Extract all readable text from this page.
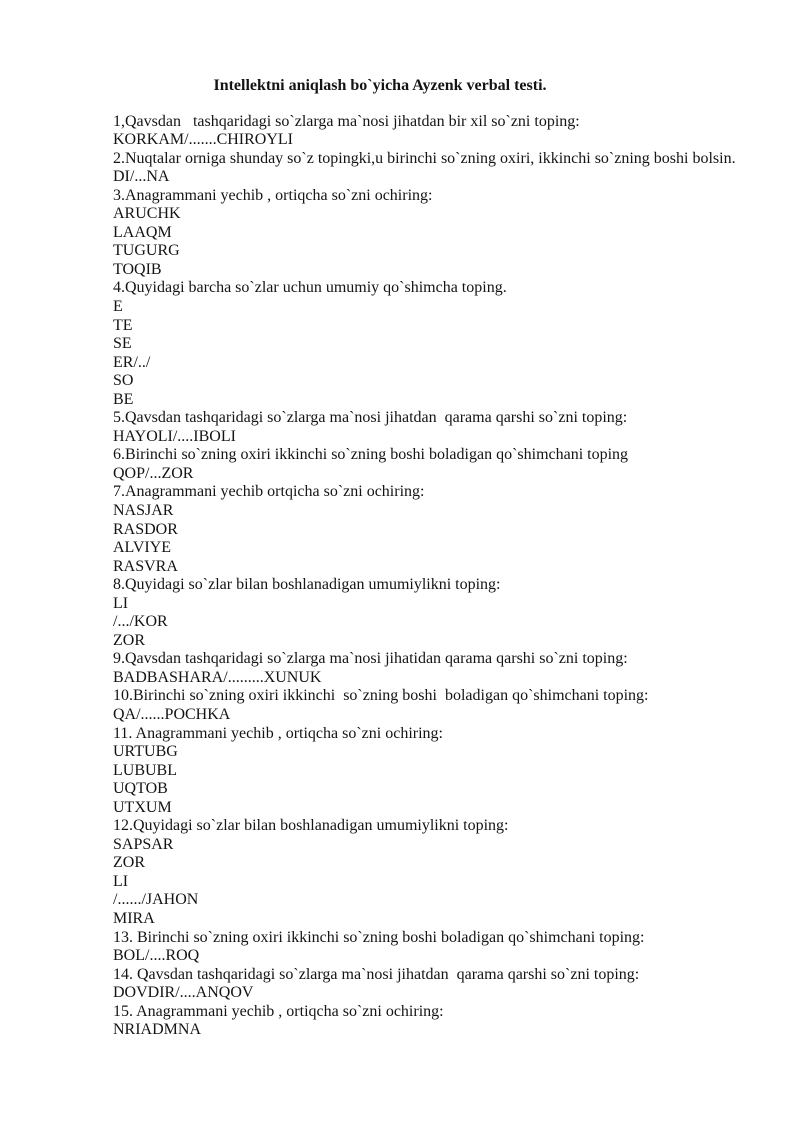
Intellektni aniqlash bo`yicha Ayzenk verbal testi.
1,Qavsdan   tashqaridagi so`zlarga ma`nosi jihatdan bir xil so`zni toping:
KORKAM/.......CHIROYLI
2.Nuqtalar orniga shunday so`z topingki,u birinchi so`zning oxiri, ikkinchi so`zning boshi bolsin.
DI/...NA
3.Anagrammani yechib , ortiqcha so`zni ochiring:
ARUCHK
LAAQM
TUGURG
TOQIB
4.Quyidagi barcha so`zlar uchun umumiy qo`shimcha toping.
E
TE
SE
ER/../
SO
BE
5.Qavsdan tashqaridagi so`zlarga ma`nosi jihatdan  qarama qarshi so`zni toping:
HAYOLI/....IBOLI
6.Birinchi so`zning oxiri ikkinchi so`zning boshi boladigan qo`shimchani toping
QOP/...ZOR
7.Anagrammani yechib ortqicha so`zni ochiring:
NASJAR
RASDOR
ALVIYE
RASVRA
8.Quyidagi so`zlar bilan boshlanadigan umumiylikni toping:
LI
/.../KOR
ZOR
9.Qavsdan tashqaridagi so`zlarga ma`nosi jihatidan qarama qarshi so`zni toping:
BADBASHARA/.........XUNUK
10.Birinchi so`zning oxiri ikkinchi  so`zning boshi  boladigan qo`shimchani toping:
QA/......POCHKA
11. Anagrammani yechib , ortiqcha so`zni ochiring:
URTUBG
LUBUBL
UQTOB
UTXUM
12.Quyidagi so`zlar bilan boshlanadigan umumiylikni toping:
SAPSAR
ZOR
LI
/....../JAHON
MIRA
13. Birinchi so`zning oxiri ikkinchi so`zning boshi boladigan qo`shimchani toping:
BOL/....ROQ
14. Qavsdan tashqaridagi so`zlarga ma`nosi jihatdan  qarama qarshi so`zni toping:
DOVDIR/....ANQOV
15. Anagrammani yechib , ortiqcha so`zni ochiring:
NRIADMNA
